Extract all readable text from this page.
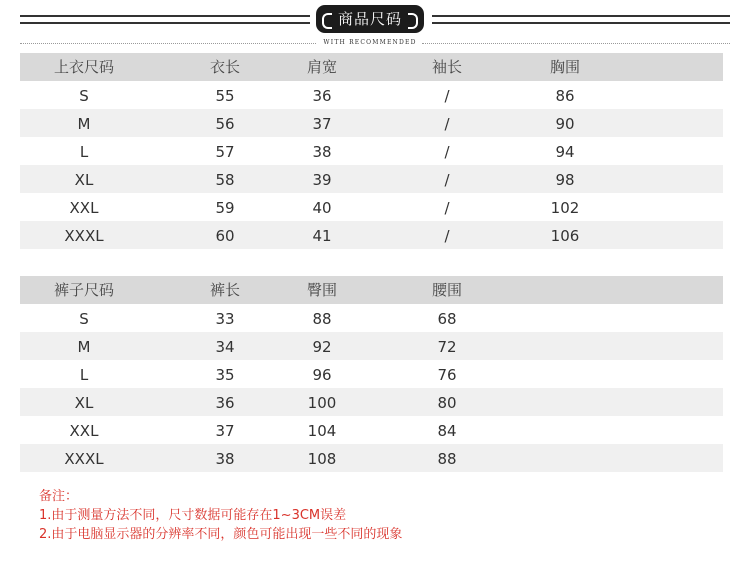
商品尺码
WITH RECOMMENDED
上衣尺码	衣长	肩宽	袖长	胸围
S	55	36	/	86
M	56	37	/	90
L	57	38	/	94
XL	58	39	/	98
XXL	59	40	/	102
XXXL	60	41	/	106
裤子尺码	裤长	臀围	腰围
S	33	88	68
M	34	92	72
L	35	96	76
XL	36	100	80
XXL	37	104	84
XXXL	38	108	88
备注：
1.由于测量方法不同，尺寸数据可能存在1~3CM误差
2.由于电脑显示器的分辨率不同，颜色可能出现一些不同的现象
